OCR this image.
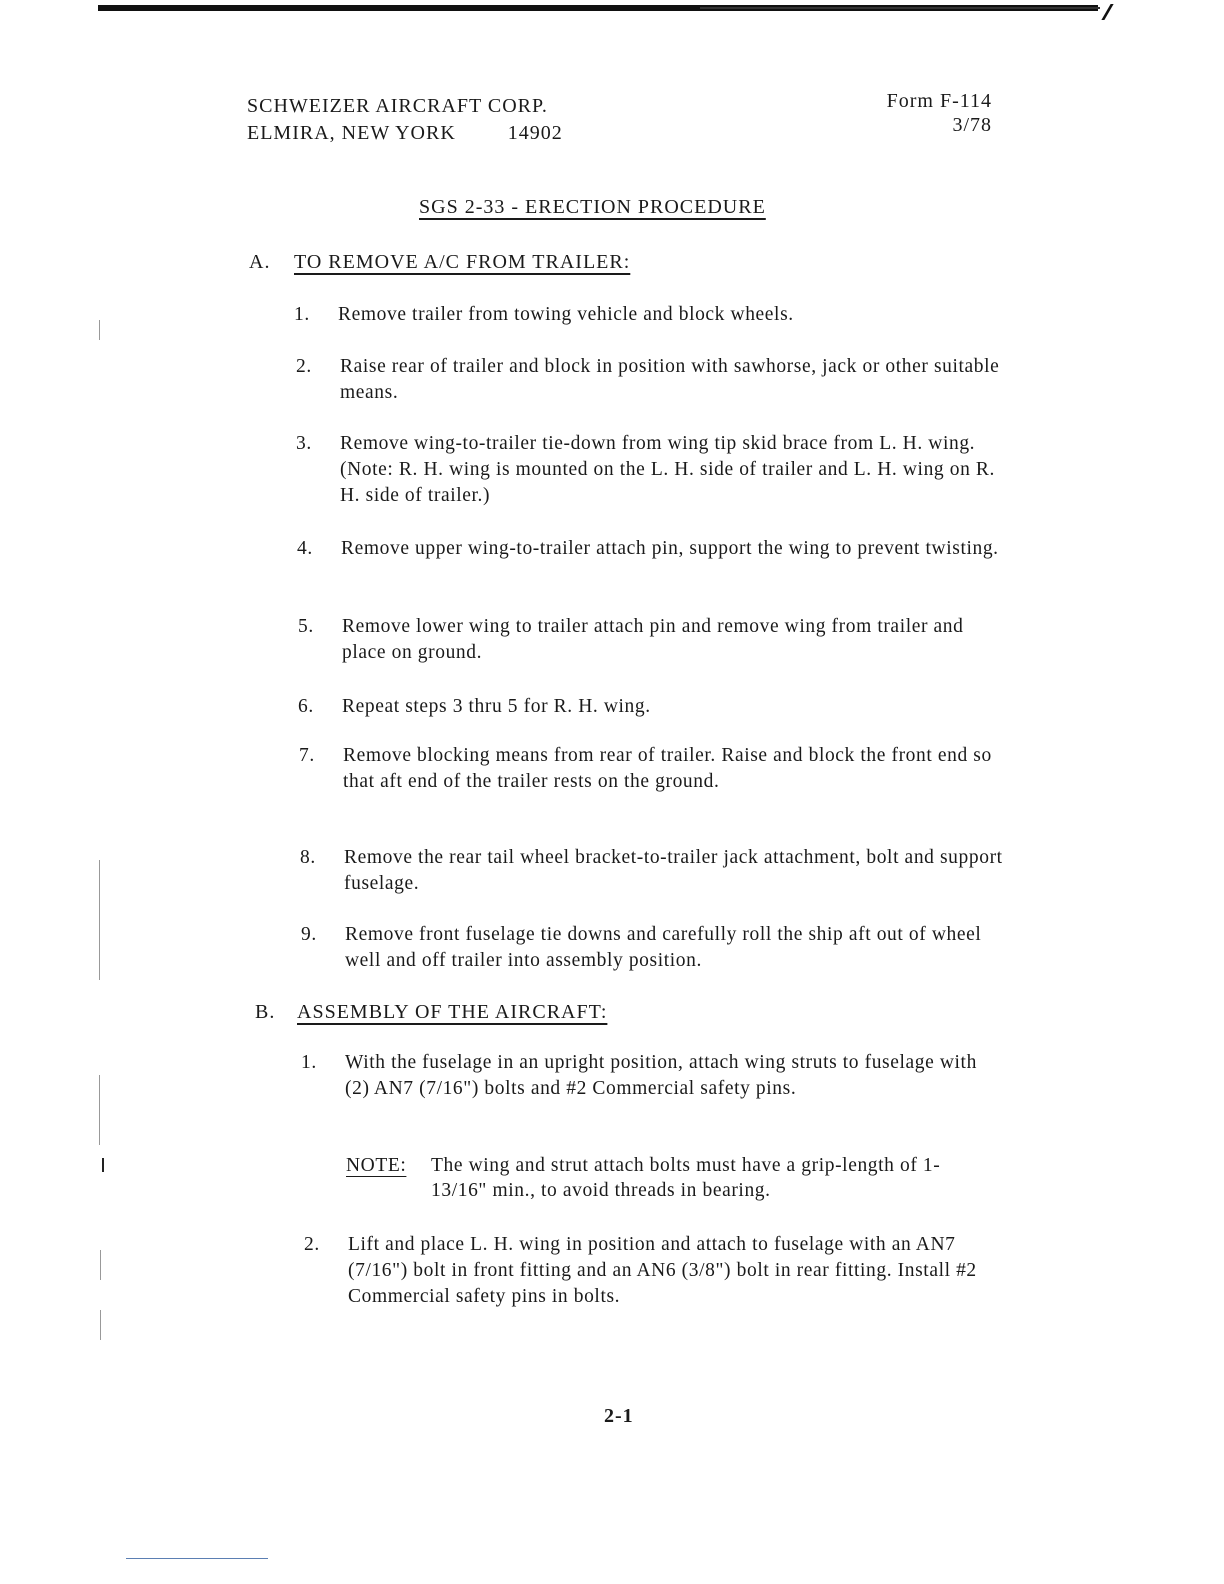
SCHWEIZER AIRCRAFT CORP.
ELMIRA, NEW YORK	14902
Form F-114
3/78
SGS 2-33 - ERECTION PROCEDURE
A. TO REMOVE A/C FROM TRAILER:
1. Remove trailer from towing vehicle and block wheels.
2. Raise rear of trailer and block in position with sawhorse, jack or other suitable means.
3. Remove wing-to-trailer tie-down from wing tip skid brace from L. H. wing. (Note: R. H. wing is mounted on the L. H. side of trailer and L. H. wing on R. H. side of trailer.)
4. Remove upper wing-to-trailer attach pin, support the wing to prevent twisting.
5. Remove lower wing to trailer attach pin and remove wing from trailer and place on ground.
6. Repeat steps 3 thru 5 for R. H. wing.
7. Remove blocking means from rear of trailer. Raise and block the front end so that aft end of the trailer rests on the ground.
8. Remove the rear tail wheel bracket-to-trailer jack attachment, bolt and support fuselage.
9. Remove front fuselage tie downs and carefully roll the ship aft out of wheel well and off trailer into assembly position.
B. ASSEMBLY OF THE AIRCRAFT:
1. With the fuselage in an upright position, attach wing struts to fuselage with (2) AN7 (7/16") bolts and #2 Commercial safety pins.
NOTE: The wing and strut attach bolts must have a grip-length of 1-13/16" min., to avoid threads in bearing.
2. Lift and place L. H. wing in position and attach to fuselage with an AN7 (7/16") bolt in front fitting and an AN6 (3/8") bolt in rear fitting. Install #2 Commercial safety pins in bolts.
2-1
